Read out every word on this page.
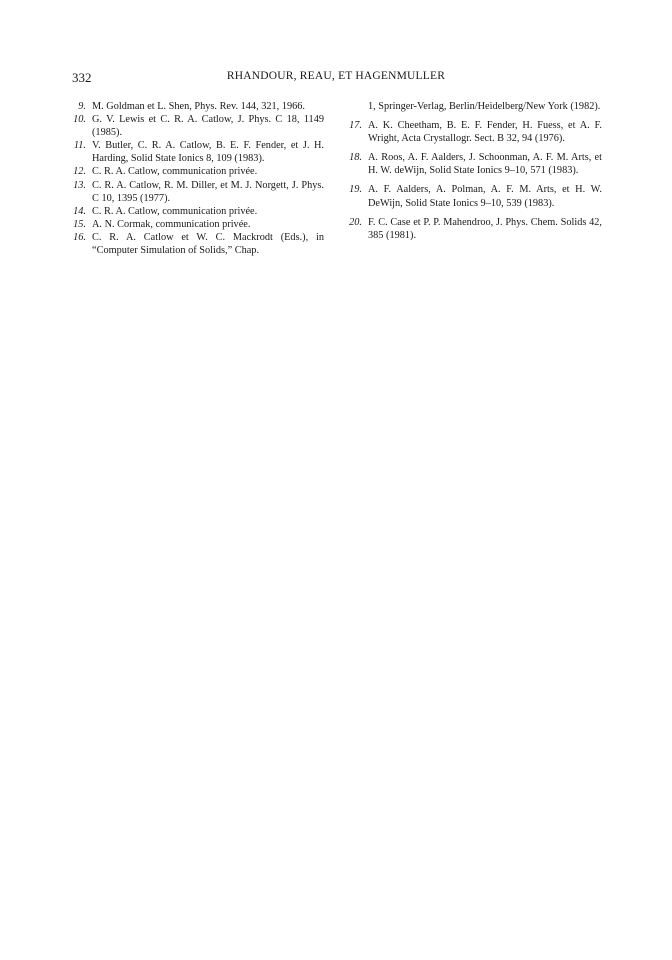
332	RHANDOUR, REAU, ET HAGENMULLER
9. M. Goldman et L. Shen, Phys. Rev. 144, 321, 1966.
10. G. V. Lewis et C. R. A. Catlow, J. Phys. C 18, 1149 (1985).
11. V. Butler, C. R. A. Catlow, B. E. F. Fender, et J. H. Harding, Solid State Ionics 8, 109 (1983).
12. C. R. A. Catlow, communication privée.
13. C. R. A. Catlow, R. M. Diller, et M. J. Norgett, J. Phys. C 10, 1395 (1977).
14. C. R. A. Catlow, communication privée.
15. A. N. Cormak, communication privée.
16. C. R. A. Catlow et W. C. Mackrodt (Eds.), in “Computer Simulation of Solids,” Chap.
1, Springer-Verlag, Berlin/Heidelberg/New York (1982).
17. A. K. Cheetham, B. E. F. Fender, H. Fuess, et A. F. Wright, Acta Crystallogr. Sect. B 32, 94 (1976).
18. A. Roos, A. F. Aalders, J. Schoonman, A. F. M. Arts, et H. W. deWijn, Solid State Ionics 9–10, 571 (1983).
19. A. F. Aalders, A. Polman, A. F. M. Arts, et H. W. DeWijn, Solid State Ionics 9–10, 539 (1983).
20. F. C. Case et P. P. Mahendroo, J. Phys. Chem. Solids 42, 385 (1981).
